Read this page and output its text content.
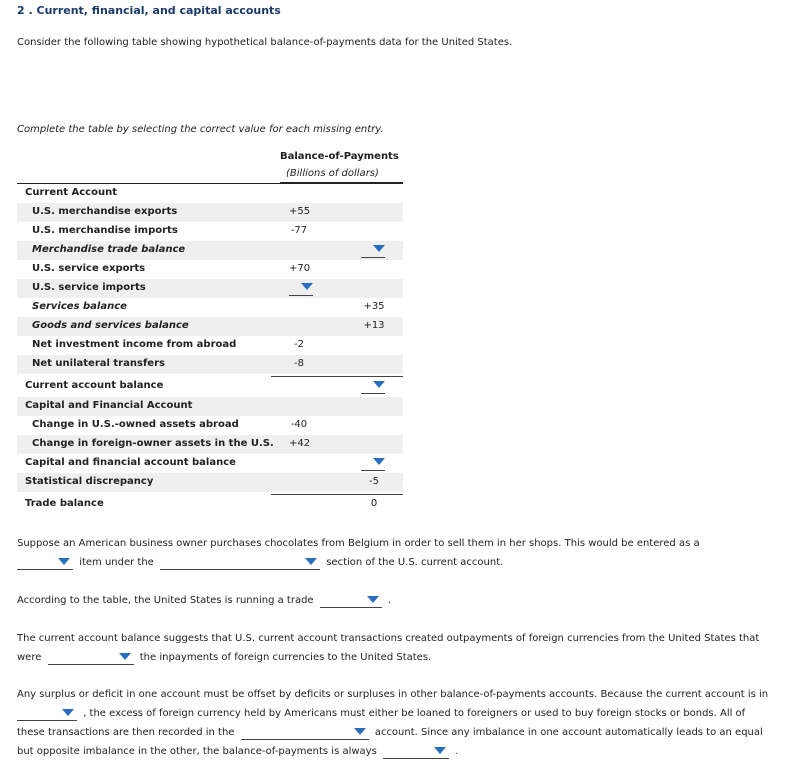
2 . Current, financial, and capital accounts
Consider the following table showing hypothetical balance-of-payments data for the United States.
Complete the table by selecting the correct value for each missing entry.
Balance-of-Payments
(Billions of dollars)
Current Account
U.S. merchandise exports	+55
U.S. merchandise imports	-77
Merchandise trade balance
U.S. service exports	+70
U.S. service imports
Services balance	+35
Goods and services balance	+13
Net investment income from abroad	-2
Net unilateral transfers	-8
Current account balance
Capital and Financial Account
Change in U.S.-owned assets abroad	-40
Change in foreign-owner assets in the U.S. +42
Capital and financial account balance
Statistical discrepancy	-5
Trade balance	0
Suppose an American business owner purchases chocolates from Belgium in order to sell them in her shops. This would be entered as a

item under the	section of the U.S. current account.
According to the table, the United States is running a trade	.
The current account balance suggests that U.S. current account transactions created outpayments of foreign currencies from the United States that
were	the inpayments of foreign currencies to the United States.
Any surplus or deficit in one account must be offset by deficits or surpluses in other balance-of-payments accounts. Because the current account is in

, the excess of foreign currency held by Americans must either be loaned to foreigners or used to buy foreign stocks or bonds. All of
these transactions are then recorded in the	account. Since any imbalance in one account automatically leads to an equal
but opposite imbalance in the other, the balance-of-payments is always	.
